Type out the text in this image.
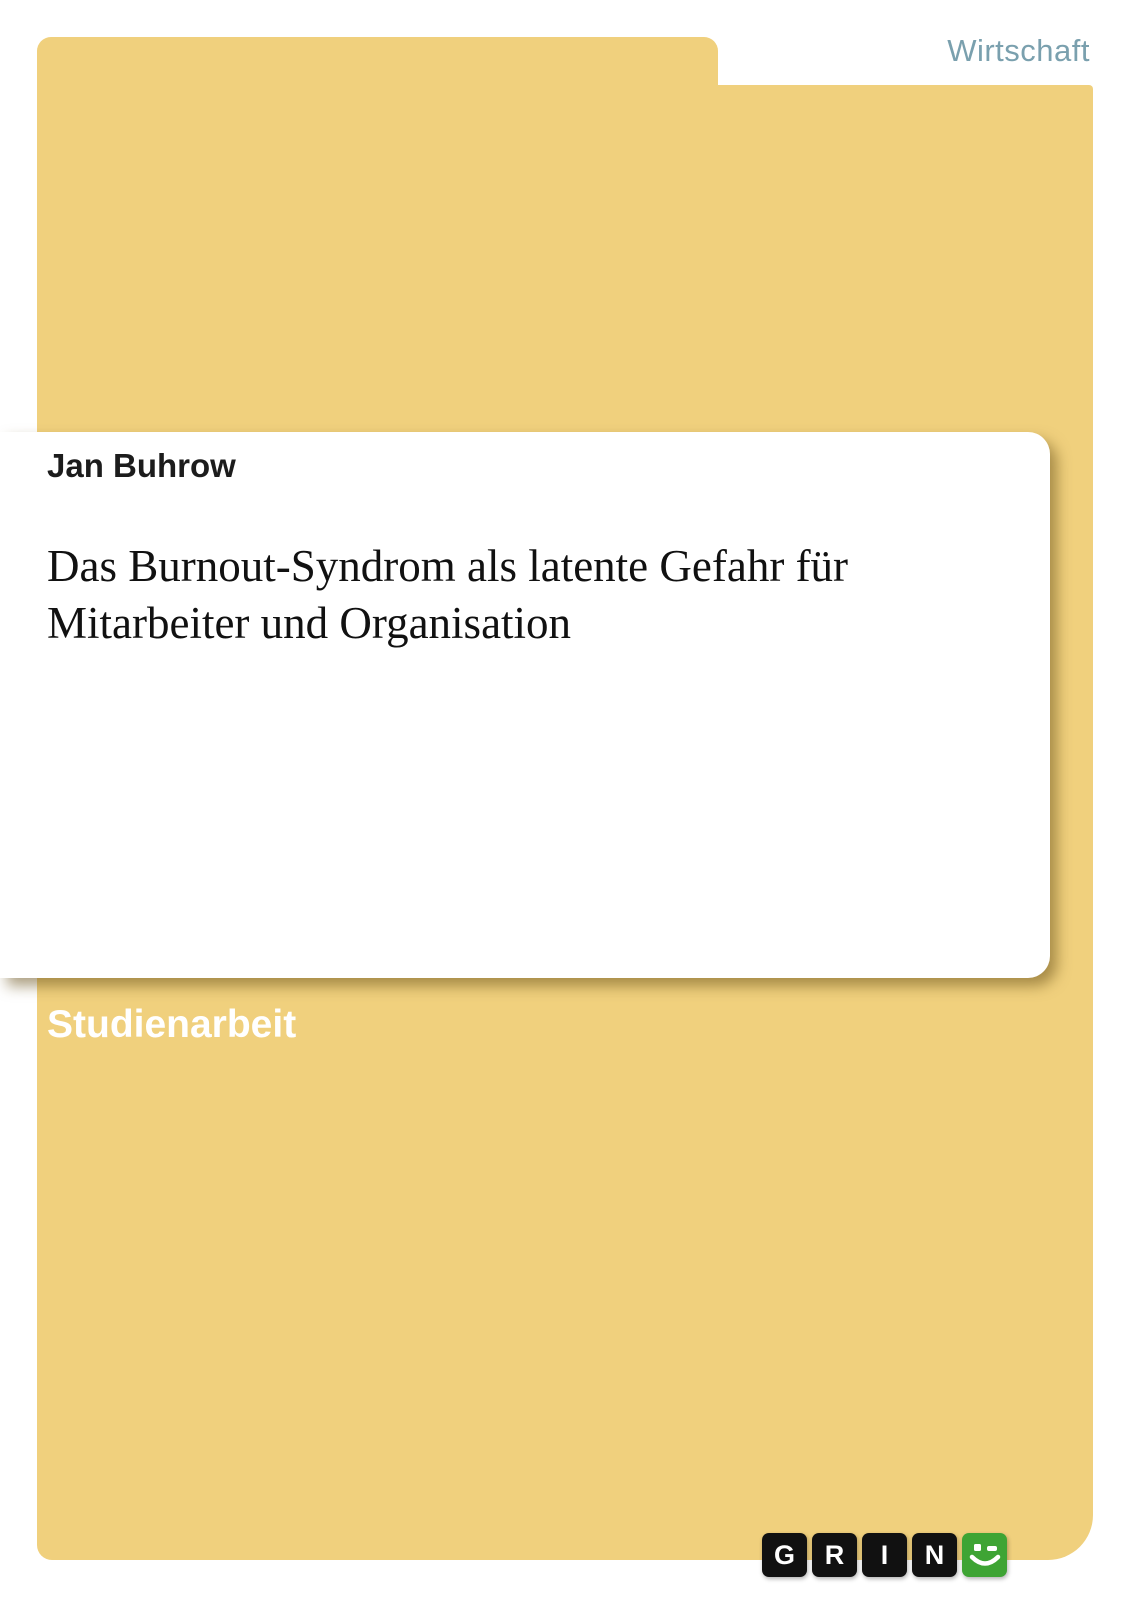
Wirtschaft
Jan Buhrow
Das Burnout-Syndrom als latente Gefahr für
Mitarbeiter und Organisation
Studienarbeit
G R I N
